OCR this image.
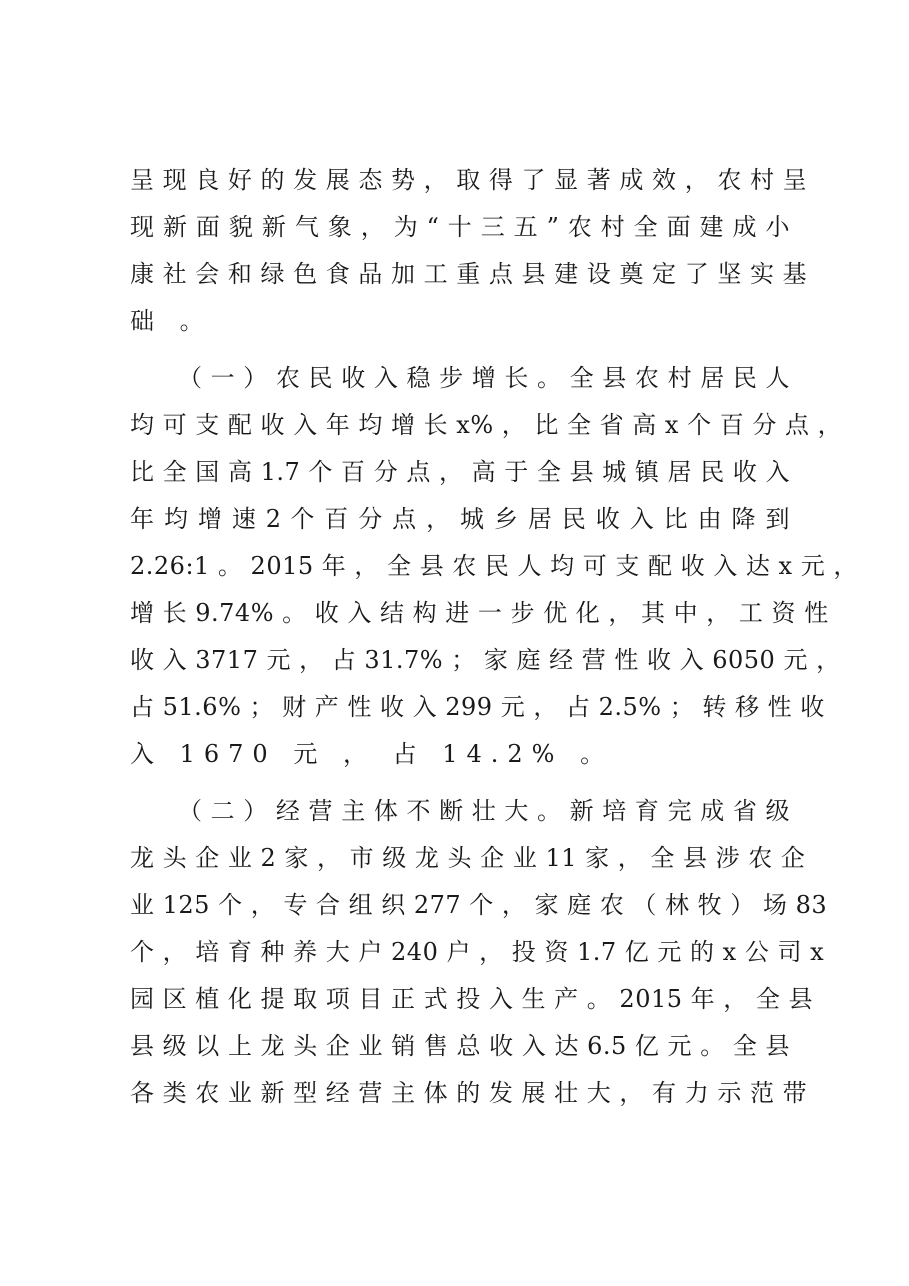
呈 现 良 好 的 发 展 态 势 ， 取 得 了 显 著 成 效 ， 农 村 呈
现 新 面 貌 新 气 象 ， 为 “ 十 三 五 ” 农 村 全 面 建 成 小
康 社 会 和 绿 色 食 品 加 工 重 点 县 建 设 奠 定 了 坚 实 基
础 。
（ 一 ） 农 民 收 入 稳 步 增 长 。 全 县 农 村 居 民 人
均 可 支 配 收 入 年 均 增 长 x% ， 比 全 省 高 x 个 百 分 点 ，
比 全 国 高 1.7 个 百 分 点 ， 高 于 全 县 城 镇 居 民 收 入
年 均 增 速 2 个 百 分 点 ， 城 乡 居 民 收 入 比 由 降 到
2.26:1 。 2015 年 ， 全 县 农 民 人 均 可 支 配 收 入 达 x 元 ，
增 长 9.74% 。 收 入 结 构 进 一 步 优 化 ， 其 中 ， 工 资 性
收 入 3717 元 ， 占 31.7% ； 家 庭 经 营 性 收 入 6050 元 ，
占 51.6% ； 财 产 性 收 入 299 元 ， 占 2.5% ； 转 移 性 收
入 1670 元 ， 占 14.2% 。
（ 二 ） 经 营 主 体 不 断 壮 大 。 新 培 育 完 成 省 级
龙 头 企 业 2 家 ， 市 级 龙 头 企 业 11 家 ， 全 县 涉 农 企
业 125 个 ， 专 合 组 织 277 个 ， 家 庭 农 （ 林 牧 ） 场 83
个 ， 培 育 种 养 大 户 240 户 ， 投 资 1.7 亿 元 的 x 公 司 x
园 区 植 化 提 取 项 目 正 式 投 入 生 产 。 2015 年 ， 全 县
县 级 以 上 龙 头 企 业 销 售 总 收 入 达 6.5 亿 元 。 全 县
各 类 农 业 新 型 经 营 主 体 的 发 展 壮 大 ， 有 力 示 范 带
